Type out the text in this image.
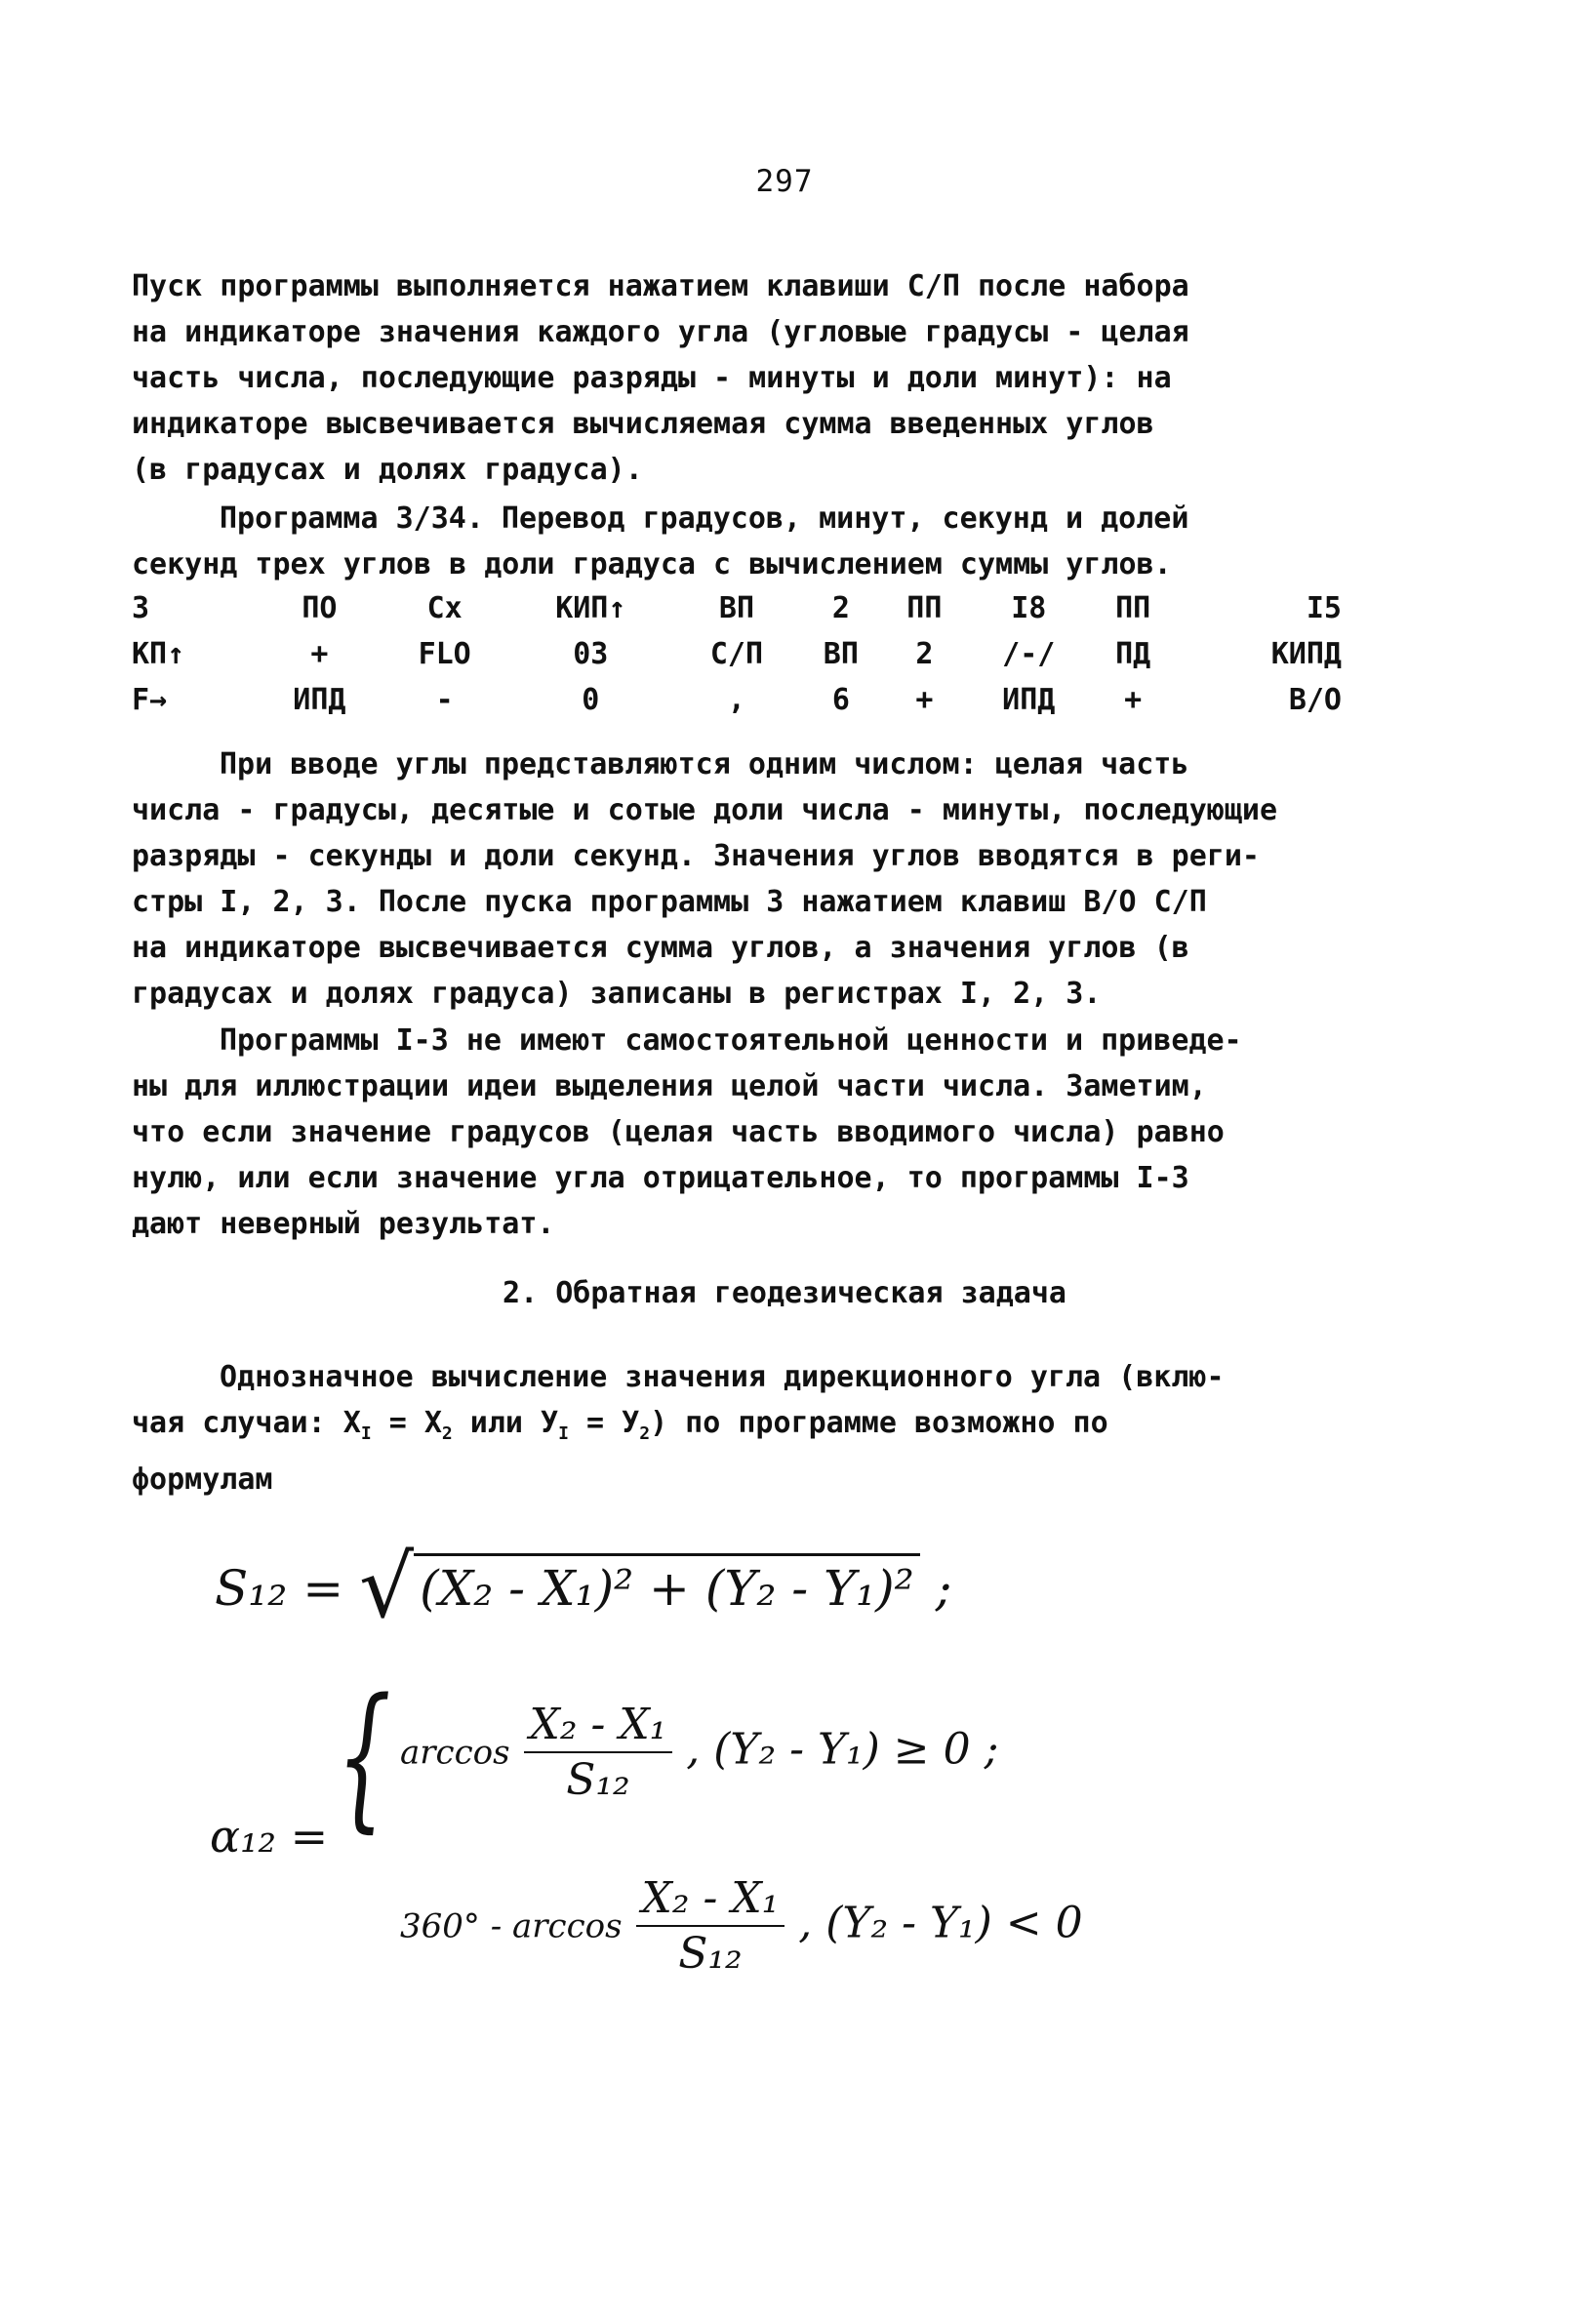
297

Пуск программы выполняется нажатием клавиши С/П после набора

на индикаторе значения каждого угла (угловые градусы - целая

часть числа, последующие разряды - минуты и доли минут): на

индикаторе высвечивается вычисляемая сумма введенных углов

(в градусах и долях градуса).

Программа 3/34. Перевод градусов, минут, секунд и долей

секунд трех углов в доли градуса с вычислением суммы углов.

3	ПО	Сх	КИП↑	ВП	2	ПП	I8	ПП	I5
КП↑	+	FLO	03	С/П	ВП	2	/-/	ПД	КИПД
F→	ИПД	-	0	,	6	+	ИПД	+	В/О

При вводе углы представляются одним числом: целая часть

числа - градусы, десятые и сотые доли числа - минуты, последующие

разряды - секунды и доли секунд. Значения углов вводятся в реги-

стры I, 2, 3. После пуска программы 3 нажатием клавиш В/О С/П

на индикаторе высвечивается сумма углов, а значения углов (в

градусах и долях градуса) записаны в регистрах I, 2, 3.

Программы I-3 не имеют самостоятельной ценности и приведе-

ны для иллюстрации идеи выделения целой части числа. Заметим,

что если значение градусов (целая часть вводимого числа) равно

нулю, или если значение угла отрицательное, то программы I-3

дают неверный результат.

2. Обратная геодезическая задача

Однозначное вычисление значения дирекционного угла (вклю-

чая случаи: $X_I = X_2$ или $У_I = У_2$) по программе возможно по

формулам

S₁₂ = √ (X₂ - X₁)² + (Y₂ - Y₁)² ;
α₁₂ = { $\arccos \frac{\text{X₂ - X₁}}{\text{S₁₂}}$ , (Y₂ - Y₁) ≥ 0 ;
$360^\circ - \arccos \frac{\text{X₂ - X₁}}{\text{S₁₂}}$ , (Y₂ - Y₁) < 0
